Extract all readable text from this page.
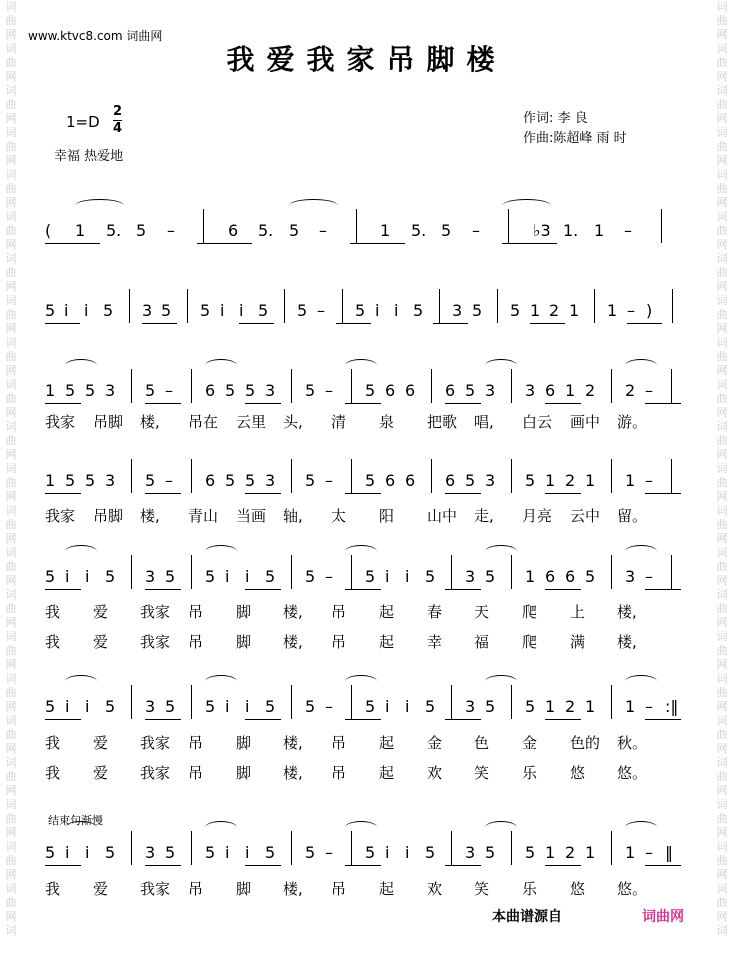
词
曲
网
词
曲
网
词
曲
网
词
曲
网
词
曲
网
词
曲
网
词
曲
网
词
曲
网
词
曲
网
词
曲
网
词
曲
网
词
曲
网
词
曲
网
词
曲
网
词
曲
网
词
曲
网
词
曲
网
词
曲
网
词
曲
网
词
曲
网
词
曲
网
词
曲
网
词
词
曲
网
词
曲
网
词
曲
网
词
曲
网
词
曲
网
词
曲
网
词
曲
网
词
曲
网
词
曲
网
词
曲
网
词
曲
网
词
曲
网
词
曲
网
词
曲
网
词
曲
网
词
曲
网
词
曲
网
词
曲
网
词
曲
网
词
曲
网
词
曲
网
词
曲
网
词
www.ktvc8.com 词曲网
我爱我家吊脚楼
1=D
2
4
幸福 热爱地
作词: 李 良
作曲:陈超峰 雨 时
( 1 5. 5 –	6 5. 5 –	1 5. 5 –	♭3 1. 1 –
5 i i 5 3 5 5 i i 5 5 – 5 i i 5 3 5 5 1 2 1 1 – )
1 5 5 3 5 – 6 5 5 3 5 – 5 6 6 6 5 3 3 6 1 2 2 –
1 5 5 3 5 – 6 5 5 3 5 – 5 6 6 6 5 3 5 1 2 1 1 –
5 i i 5 3 5 5 i i 5 5 – 5 i i 5 3 5 1 6 6 5 3 –
5 i i 5 3 5 5 i i 5 5 – 5 i i 5 3 5 5 1 2 1 1 – :‖
5 i i 5 3 5 5 i i 5 5 – 5 i i 5 3 5 5 1 2 1 1 – ‖
我家 吊脚 楼, 吊在 云里 头, 清 泉 把歌 唱, 白云 画中 游。
我家 吊脚 楼, 青山 当画 轴, 太 阳 山中 走, 月亮 云中 留。
我 爱 我家 吊 脚 楼, 吊 起 春 天 爬 上 楼,
我 爱 我家 吊 脚 楼, 吊 起 幸 福 爬 满 楼,
我 爱 我家 吊 脚 楼, 吊 起 金 色 金 色的 秋。
我 爱 我家 吊 脚 楼, 吊 起 欢 笑 乐 悠 悠。
我 爱 我家 吊 脚 楼, 吊 起 欢 笑 乐 悠 悠。
结束句渐慢
本曲谱源自	词曲网
